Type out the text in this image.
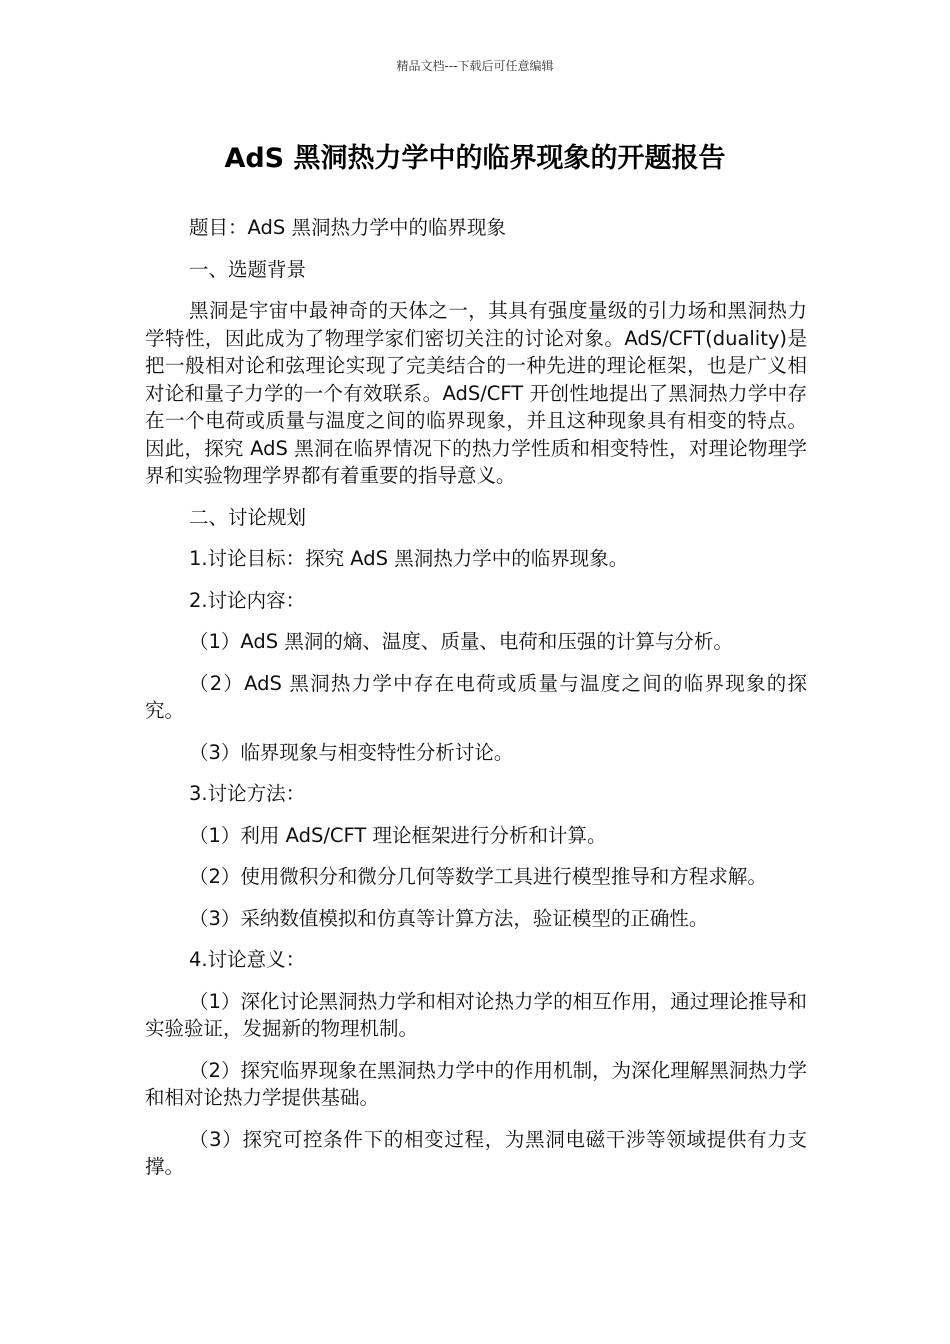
精品文档---下载后可任意编辑
AdS 黑洞热力学中的临界现象的开题报告

题目：AdS 黑洞热力学中的临界现象

一、选题背景

黑洞是宇宙中最神奇的天体之一，其具有强度量级的引力场和黑洞热力学特性，因此成为了物理学家们密切关注的讨论对象。AdS/CFT(duality)是把一般相对论和弦理论实现了完美结合的一种先进的理论框架，也是广义相对论和量子力学的一个有效联系。AdS/CFT 开创性地提出了黑洞热力学中存在一个电荷或质量与温度之间的临界现象，并且这种现象具有相变的特点。因此，探究 AdS 黑洞在临界情况下的热力学性质和相变特性，对理论物理学界和实验物理学界都有着重要的指导意义。

二、讨论规划

1.讨论目标：探究 AdS 黑洞热力学中的临界现象。

2.讨论内容：

（1）AdS 黑洞的熵、温度、质量、电荷和压强的计算与分析。

（2）AdS 黑洞热力学中存在电荷或质量与温度之间的临界现象的探究。

（3）临界现象与相变特性分析讨论。

3.讨论方法：

（1）利用 AdS/CFT 理论框架进行分析和计算。

（2）使用微积分和微分几何等数学工具进行模型推导和方程求解。

（3）采纳数值模拟和仿真等计算方法，验证模型的正确性。

4.讨论意义：

（1）深化讨论黑洞热力学和相对论热力学的相互作用，通过理论推导和实验验证，发掘新的物理机制。

（2）探究临界现象在黑洞热力学中的作用机制，为深化理解黑洞热力学和相对论热力学提供基础。

（3）探究可控条件下的相变过程，为黑洞电磁干涉等领域提供有力支撑。
